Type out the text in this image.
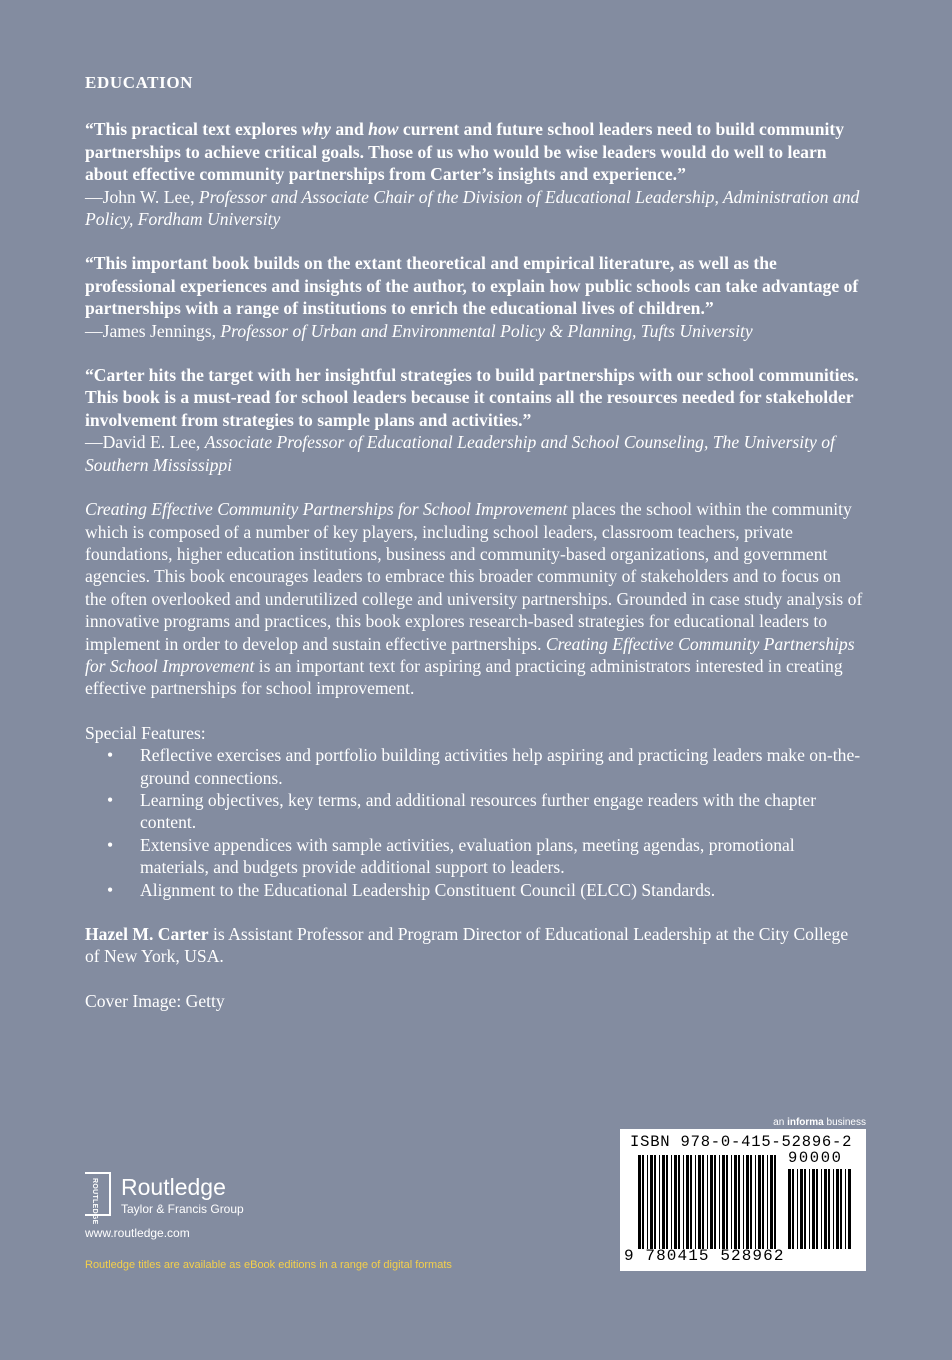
EDUCATION
“This practical text explores why and how current and future school leaders need to build community partnerships to achieve critical goals. Those of us who would be wise leaders would do well to learn about effective community partnerships from Carter’s insights and experience.”
—John W. Lee, Professor and Associate Chair of the Division of Educational Leadership, Administration and Policy, Fordham University
“This important book builds on the extant theoretical and empirical literature, as well as the professional experiences and insights of the author, to explain how public schools can take advantage of partnerships with a range of institutions to enrich the educational lives of children.”
—James Jennings, Professor of Urban and Environmental Policy & Planning, Tufts University
“Carter hits the target with her insightful strategies to build partnerships with our school communities. This book is a must-read for school leaders because it contains all the resources needed for stakeholder involvement from strategies to sample plans and activities.”
—David E. Lee, Associate Professor of Educational Leadership and School Counseling, The University of Southern Mississippi
Creating Effective Community Partnerships for School Improvement places the school within the community which is composed of a number of key players, including school leaders, classroom teachers, private foundations, higher education institutions, business and community-based organizations, and government agencies. This book encourages leaders to embrace this broader community of stakeholders and to focus on the often overlooked and underutilized college and university partnerships. Grounded in case study analysis of innovative programs and practices, this book explores research-based strategies for educational leaders to implement in order to develop and sustain effective partnerships. Creating Effective Community Partnerships for School Improvement is an important text for aspiring and practicing administrators interested in creating effective partnerships for school improvement.
Special Features:
• Reflective exercises and portfolio building activities help aspiring and practicing leaders make on-the-ground connections.
• Learning objectives, key terms, and additional resources further engage readers with the chapter content.
• Extensive appendices with sample activities, evaluation plans, meeting agendas, promotional materials, and budgets provide additional support to leaders.
• Alignment to the Educational Leadership Constituent Council (ELCC) Standards.
Hazel M. Carter is Assistant Professor and Program Director of Educational Leadership at the City College of New York, USA.
Cover Image: Getty
ROUTLEDGE Routledge
Taylor & Francis Group
www.routledge.com
Routledge titles are available as eBook editions in a range of digital formats
an informa business
ISBN 978-0-415-52896-2
90000
9 780415 528962
